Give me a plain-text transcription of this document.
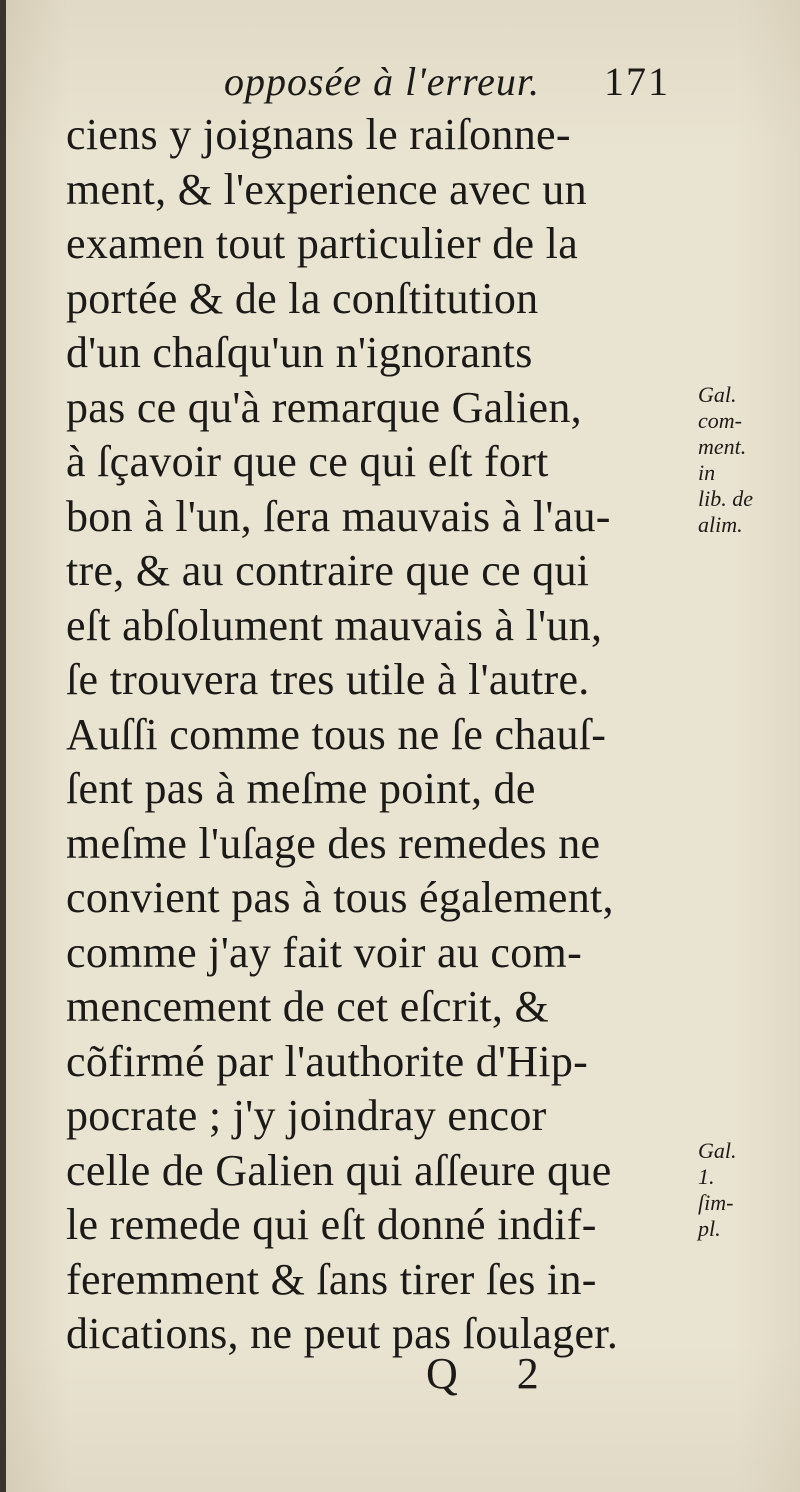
opposée à l'erreur. 171
ciens y joignans le raiſonne-
ment, & l'experience avec un
examen tout particulier de la
portée & de la conſtitution
d'un chaſqu'un n'ignorants
pas ce qu'à remarque Galien,
à ſçavoir que ce qui eſt fort
bon à l'un, ſera mauvais à l'au-
tre, & au contraire que ce qui
eſt abſolument mauvais à l'un,
ſe trouvera tres utile à l'autre.
Auſſi comme tous ne ſe chauſ-
ſent pas à meſme point, de
meſme l'uſage des remedes ne
convient pas à tous également,
comme j'ay fait voir au com-
mencement de cet eſcrit, &
cõfirmé par l'authorite d'Hip-
pocrate ; j'y joindray encor
celle de Galien qui aſſeure que
le remede qui eſt donné indif-
feremment & ſans tirer ſes in-
dications, ne peut pas ſoulager.
Gal.
com-
ment.
in
lib. de
alim.
Gal.
1.
ſim-
pl.
Q 2
